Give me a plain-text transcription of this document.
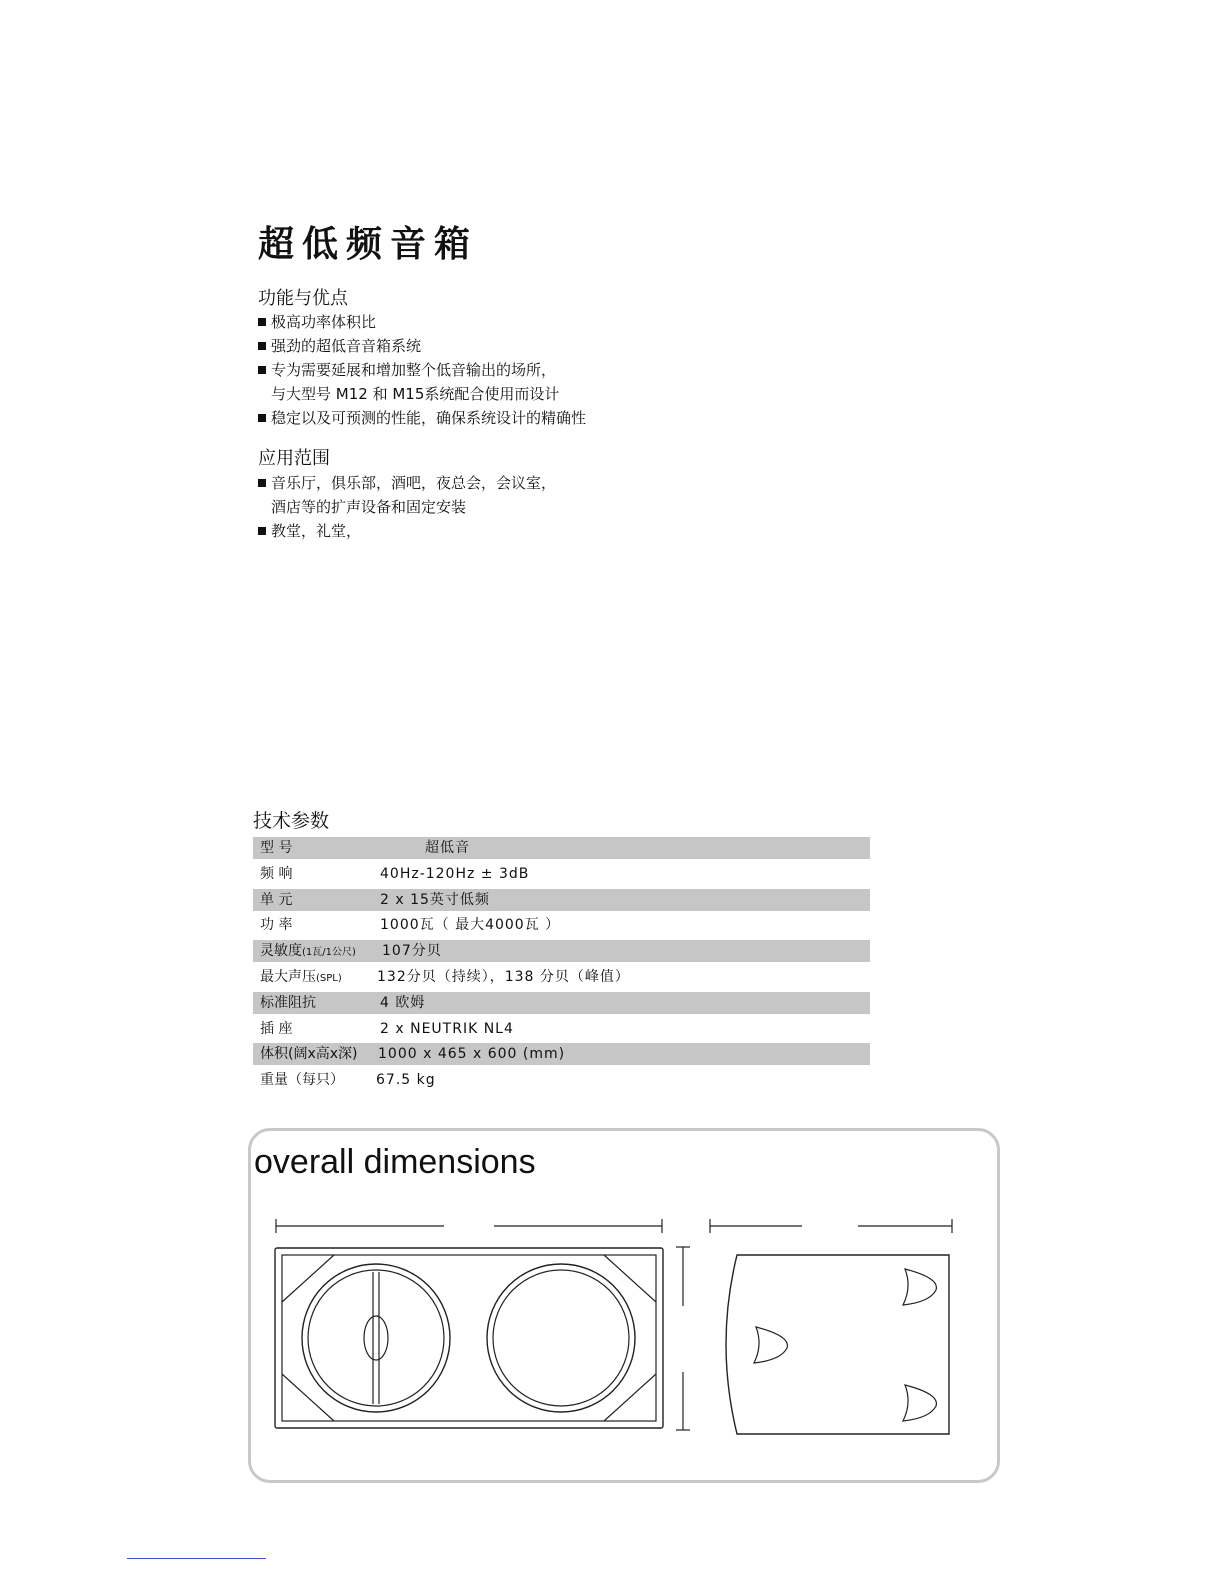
超低频音箱
功能与优点
极高功率体积比
强劲的超低音音箱系统
专为需要延展和增加整个低音输出的场所，
与大型号 M12 和 M15系统配合使用而设计
稳定以及可预测的性能，确保系统设计的精确性
应用范围
音乐厅，俱乐部，酒吧，夜总会，会议室，
酒店等的扩声设备和固定安装
教堂，礼堂，
技术参数
型 号	超低音
频 响	40Hz-120Hz ± 3dB
单 元	2 x 15英寸低频
功 率	1000瓦（ 最大4000瓦 ）
灵敏度(1瓦/1公尺) 107分贝
最大声压(SPL)	132分贝（持续），138 分贝（峰值）
标准阻抗	4 欧姆
插 座	2 x NEUTRIK NL4
体积(阔x高x深) 1000 x 465 x 600 (mm)
重量（每只） 67.5 kg
overall dimensions
